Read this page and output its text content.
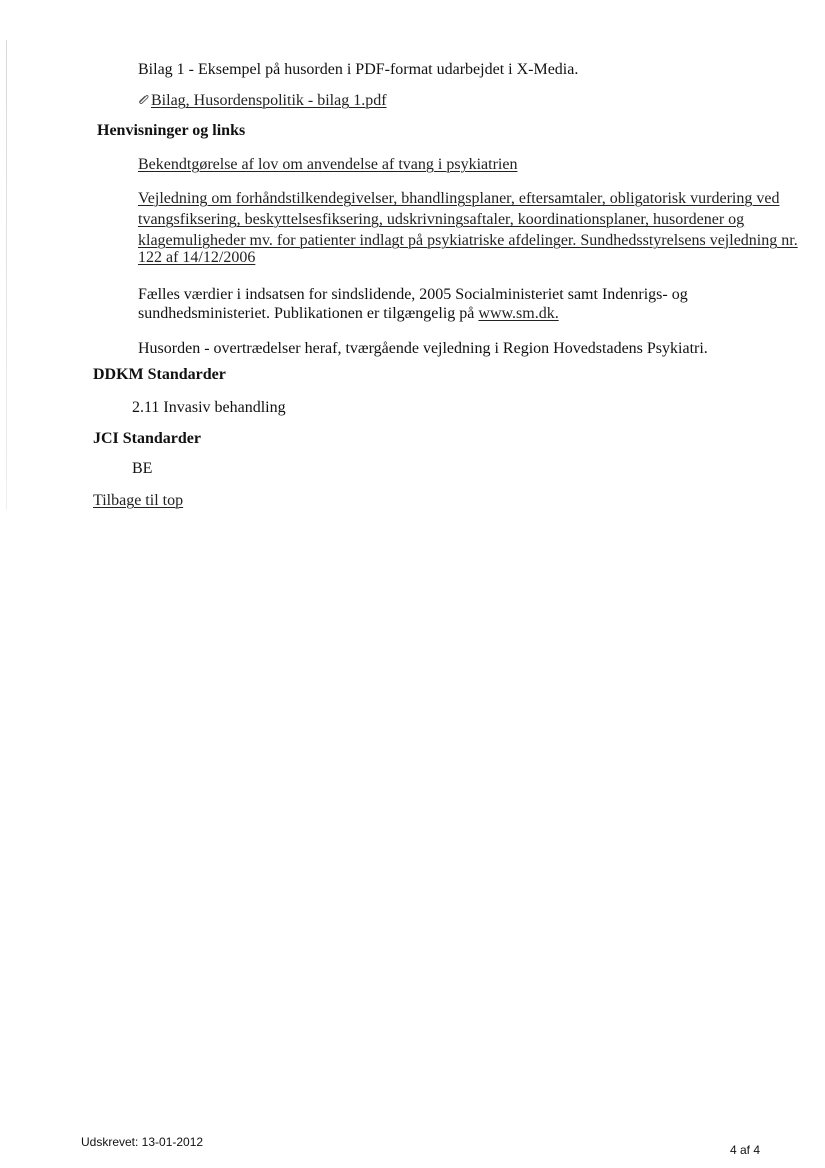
Bilag 1 - Eksempel på husorden i PDF-format udarbejdet i X-Media.
Bilag, Husordenspolitik - bilag 1.pdf
Henvisninger og links
Bekendtgørelse af lov om anvendelse af tvang i psykiatrien
Vejledning om forhåndstilkendegivelser, bhandlingsplaner, eftersamtaler, obligatorisk vurdering ved
tvangsfiksering, beskyttelsesfiksering, udskrivningsaftaler, koordinationsplaner, husordener og
klagemuligheder mv. for patienter indlagt på psykiatriske afdelinger. Sundhedsstyrelsens vejledning nr.
122 af 14/12/2006
Fælles værdier i indsatsen for sindslidende, 2005 Socialministeriet samt Indenrigs- og
sundhedsministeriet. Publikationen er tilgængelig på www.sm.dk.
Husorden - overtrædelser heraf, tværgående vejledning i Region Hovedstadens Psykiatri.
DDKM Standarder
2.11 Invasiv behandling
JCI Standarder
BE
Tilbage til top
Udskrevet: 13-01-2012
4 af 4
